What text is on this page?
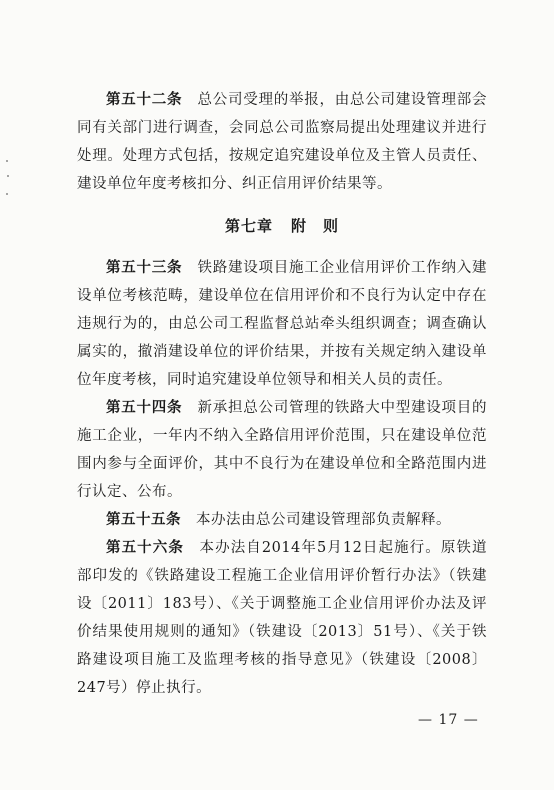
第五十二条　 总公司受理的举报，由总公司建设管理部会同有关部门进行调查，会同总公司监察局提出处理建议并进行处理。处理方式包括，按规定追究建设单位及主管人员责任、建设单位年度考核扣分、纠正信用评价结果等。

第七章 附　则

第五十三条　 铁路建设项目施工企业信用评价工作纳入建设单位考核范畴，建设单位在信用评价和不良行为认定中存在违规行为的，由总公司工程监督总站牵头组织调查；调查确认属实的，撤消建设单位的评价结果，并按有关规定纳入建设单位年度考核，同时追究建设单位领导和相关人员的责任。

第五十四条　 新承担总公司管理的铁路大中型建设项目的施工企业，一年内不纳入全路信用评价范围，只在建设单位范围内参与全面评价，其中不良行为在建设单位和全路范围内进行认定、公布。

第五十五条　 本办法由总公司建设管理部负责解释。

第五十六条　 本办法自2014年5月12日起施行。原铁道部印发的《铁路建设工程施工企业信用评价暂行办法》（铁建设〔2011〕183号）、《关于调整施工企业信用评价办法及评价结果使用规则的通知》（铁建设〔2013〕51号）、《关于铁路建设项目施工及监理考核的指导意见》（铁建设〔2008〕247号）停止执行。

— 17 —
